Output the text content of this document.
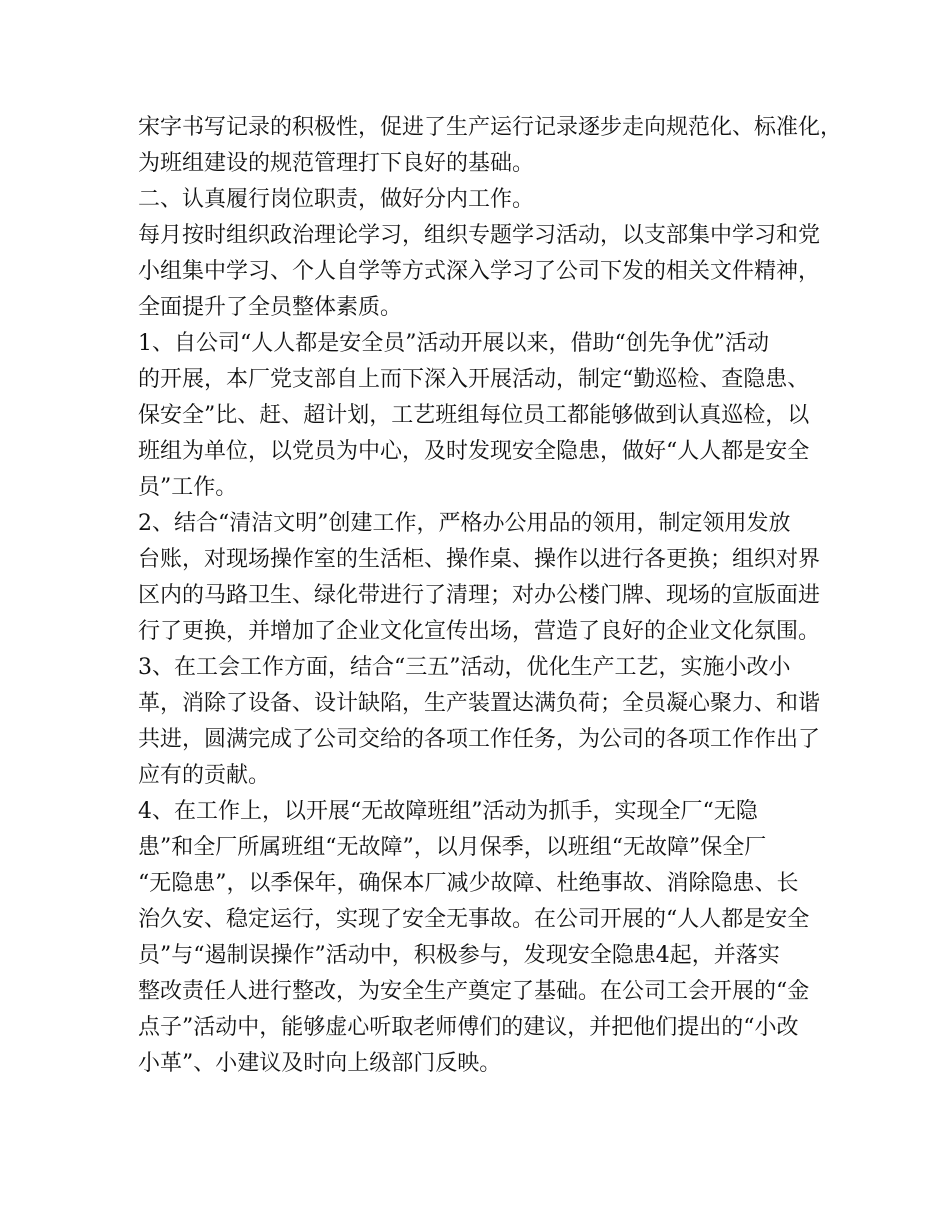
宋字书写记录的积极性，促进了生产运行记录逐步走向规范化、标准化，
为班组建设的规范管理打下良好的基础。
二、认真履行岗位职责，做好分内工作。
每月按时组织政治理论学习，组织专题学习活动，以支部集中学习和党
小组集中学习、个人自学等方式深入学习了公司下发的相关文件精神，
全面提升了全员整体素质。
1、自公司“人人都是安全员”活动开展以来，借助“创先争优”活动
的开展，本厂党支部自上而下深入开展活动，制定“勤巡检、查隐患、
保安全”比、赶、超计划，工艺班组每位员工都能够做到认真巡检，以
班组为单位，以党员为中心，及时发现安全隐患，做好“人人都是安全
员”工作。
2、结合“清洁文明”创建工作，严格办公用品的领用，制定领用发放
台账，对现场操作室的生活柜、操作桌、操作以进行各更换；组织对界
区内的马路卫生、绿化带进行了清理；对办公楼门牌、现场的宣版面进
行了更换，并增加了企业文化宣传出场，营造了良好的企业文化氛围。
3、在工会工作方面，结合“三五”活动，优化生产工艺，实施小改小
革，消除了设备、设计缺陷，生产装置达满负荷；全员凝心聚力、和谐
共进，圆满完成了公司交给的各项工作任务，为公司的各项工作作出了
应有的贡献。
4、在工作上，以开展“无故障班组”活动为抓手，实现全厂“无隐
患”和全厂所属班组“无故障”，以月保季，以班组“无故障”保全厂
“无隐患”，以季保年，确保本厂减少故障、杜绝事故、消除隐患、长
治久安、稳定运行，实现了安全无事故。在公司开展的“人人都是安全
员”与“遏制误操作”活动中，积极参与，发现安全隐患4起，并落实
整改责任人进行整改，为安全生产奠定了基础。在公司工会开展的“金
点子”活动中，能够虚心听取老师傅们的建议，并把他们提出的“小改
小革”、小建议及时向上级部门反映。
